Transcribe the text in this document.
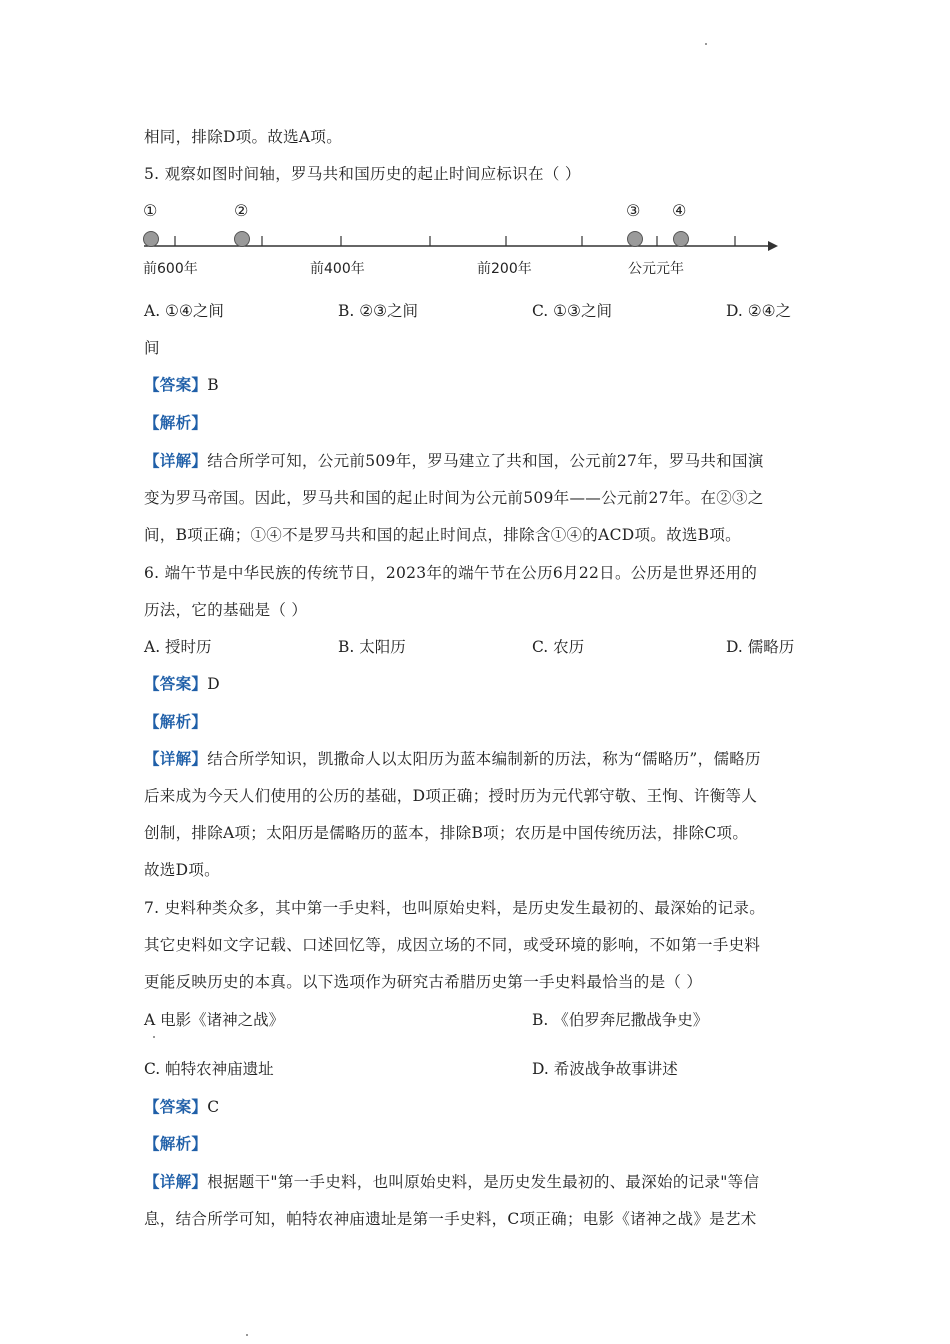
相同，排除D项。故选A项。
5. 观察如图时间轴，罗马共和国历史的起止时间应标识在（ ）
①	②	③ ④
前600年	前400年	前200年	公元元年
A. ①④之间	B. ②③之间	C. ①③之间	D. ②④之
间
【答案】B
【解析】
【详解】结合所学可知，公元前509年，罗马建立了共和国，公元前27年，罗马共和国演
变为罗马帝国。因此，罗马共和国的起止时间为公元前509年——公元前27年。在②③之
间，B项正确；①④不是罗马共和国的起止时间点，排除含①④的ACD项。故选B项。
6. 端午节是中华民族的传统节日，2023年的端午节在公历6月22日。公历是世界还用的
历法，它的基础是（ ）
A. 授时历	B. 太阳历	C. 农历	D. 儒略历
【答案】D
【解析】
【详解】结合所学知识，凯撒命人以太阳历为蓝本编制新的历法，称为“儒略历”，儒略历
后来成为今天人们使用的公历的基础，D项正确；授时历为元代郭守敬、王恂、许衡等人
创制，排除A项；太阳历是儒略历的蓝本，排除B项；农历是中国传统历法，排除C项。
故选D项。
7. 史料种类众多，其中第一手史料，也叫原始史料，是历史发生最初的、最深始的记录。
其它史料如文字记载、口述回忆等，成因立场的不同，或受环境的影响，不如第一手史料
更能反映历史的本真。以下选项作为研究古希腊历史第一手史料最恰当的是（ ）
A 电影《诸神之战》	B. 《伯罗奔尼撒战争史》
C. 帕特农神庙遗址	D. 希波战争故事讲述
【答案】C
【解析】
【详解】根据题干"第一手史料，也叫原始史料，是历史发生最初的、最深始的记录"等信
息，结合所学可知，帕特农神庙遗址是第一手史料，C项正确；电影《诸神之战》是艺术
